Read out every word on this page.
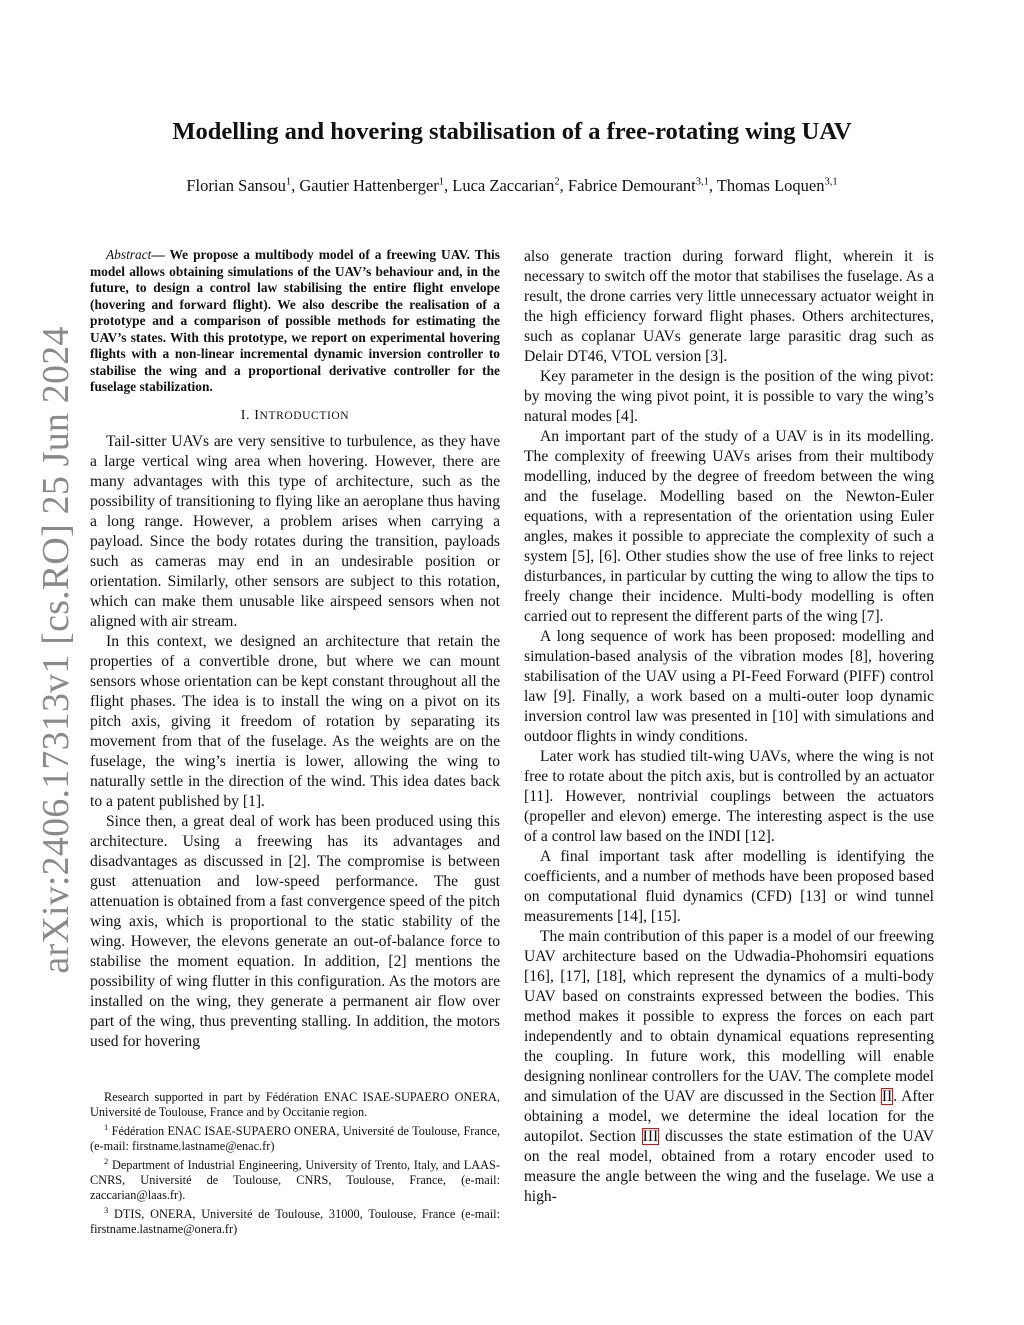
arXiv:2406.17313v1 [cs.RO] 25 Jun 2024
Modelling and hovering stabilisation of a free-rotating wing UAV
Florian Sansou$^1$, Gautier Hattenberger$^1$, Luca Zaccarian$^2$, Fabrice Demourant$^{3,1}$, Thomas Loquen$^{3,1}$

Abstract— We propose a multibody model of a freewing UAV. This model allows obtaining simulations of the UAV’s behaviour and, in the future, to design a control law stabilising the entire flight envelope (hovering and forward flight). We also describe the realisation of a prototype and a comparison of possible methods for estimating the UAV’s states. With this prototype, we report on experimental hovering flights with a non-linear incremental dynamic inversion controller to stabilise the wing and a proportional derivative controller for the fuselage stabilization.

I. INTRODUCTION

Tail-sitter UAVs are very sensitive to turbulence, as they have a large vertical wing area when hovering. However, there are many advantages with this type of architecture, such as the possibility of transitioning to flying like an aeroplane thus having a long range. However, a problem arises when carrying a payload. Since the body rotates during the transition, payloads such as cameras may end in an undesirable position or orientation. Similarly, other sensors are subject to this rotation, which can make them unusable like airspeed sensors when not aligned with air stream.

In this context, we designed an architecture that retain the properties of a convertible drone, but where we can mount sensors whose orientation can be kept constant throughout all the flight phases. The idea is to install the wing on a pivot on its pitch axis, giving it freedom of rotation by separating its movement from that of the fuselage. As the weights are on the fuselage, the wing’s inertia is lower, allowing the wing to naturally settle in the direction of the wind. This idea dates back to a patent published by [1].

Since then, a great deal of work has been produced using this architecture. Using a freewing has its advantages and disadvantages as discussed in [2]. The compromise is between gust attenuation and low-speed performance. The gust attenuation is obtained from a fast convergence speed of the pitch wing axis, which is proportional to the static stability of the wing. However, the elevons generate an out-of-balance force to stabilise the moment equation. In addition, [2] mentions the possibility of wing flutter in this configuration. As the motors are installed on the wing, they generate a permanent air flow over part of the wing, thus preventing stalling. In addition, the motors used for hovering

also generate traction during forward flight, wherein it is necessary to switch off the motor that stabilises the fuselage. As a result, the drone carries very little unnecessary actuator weight in the high efficiency forward flight phases. Others architectures, such as coplanar UAVs generate large parasitic drag such as Delair DT46, VTOL version [3].

Key parameter in the design is the position of the wing pivot: by moving the wing pivot point, it is possible to vary the wing’s natural modes [4].

An important part of the study of a UAV is in its modelling. The complexity of freewing UAVs arises from their multibody modelling, induced by the degree of freedom between the wing and the fuselage. Modelling based on the Newton-Euler equations, with a representation of the orientation using Euler angles, makes it possible to appreciate the complexity of such a system [5], [6]. Other studies show the use of free links to reject disturbances, in particular by cutting the wing to allow the tips to freely change their incidence. Multi-body modelling is often carried out to represent the different parts of the wing [7].

A long sequence of work has been proposed: modelling and simulation-based analysis of the vibration modes [8], hovering stabilisation of the UAV using a PI-Feed Forward (PIFF) control law [9]. Finally, a work based on a multi-outer loop dynamic inversion control law was presented in [10] with simulations and outdoor flights in windy conditions.

Later work has studied tilt-wing UAVs, where the wing is not free to rotate about the pitch axis, but is controlled by an actuator [11]. However, nontrivial couplings between the actuators (propeller and elevon) emerge. The interesting aspect is the use of a control law based on the INDI [12].

A final important task after modelling is identifying the coefficients, and a number of methods have been proposed based on computational fluid dynamics (CFD) [13] or wind tunnel measurements [14], [15].

The main contribution of this paper is a model of our freewing UAV architecture based on the Udwadia-Phohomsiri equations [16], [17], [18], which represent the dynamics of a multi-body UAV based on constraints expressed between the bodies. This method makes it possible to express the forces on each part independently and to obtain dynamical equations representing the coupling. In future work, this modelling will enable designing nonlinear controllers for the UAV. The complete model and simulation of the UAV are discussed in the Section II. After obtaining a model, we determine the ideal location for the autopilot. Section III discusses the state estimation of the UAV on the real model, obtained from a rotary encoder used to measure the angle between the wing and the fuselage. We use a high-

Research supported in part by Fédération ENAC ISAE-SUPAERO ONERA, Université de Toulouse, France and by Occitanie region.

$^1$ Fédération ENAC ISAE-SUPAERO ONERA, Université de Toulouse, France, (e-mail: firstname.lastname@enac.fr)

$^2$ Department of Industrial Engineering, University of Trento, Italy, and LAAS-CNRS, Université de Toulouse, CNRS, Toulouse, France, (e-mail: zaccarian@laas.fr).

$^3$ DTIS, ONERA, Université de Toulouse, 31000, Toulouse, France (e-mail: firstname.lastname@onera.fr)
